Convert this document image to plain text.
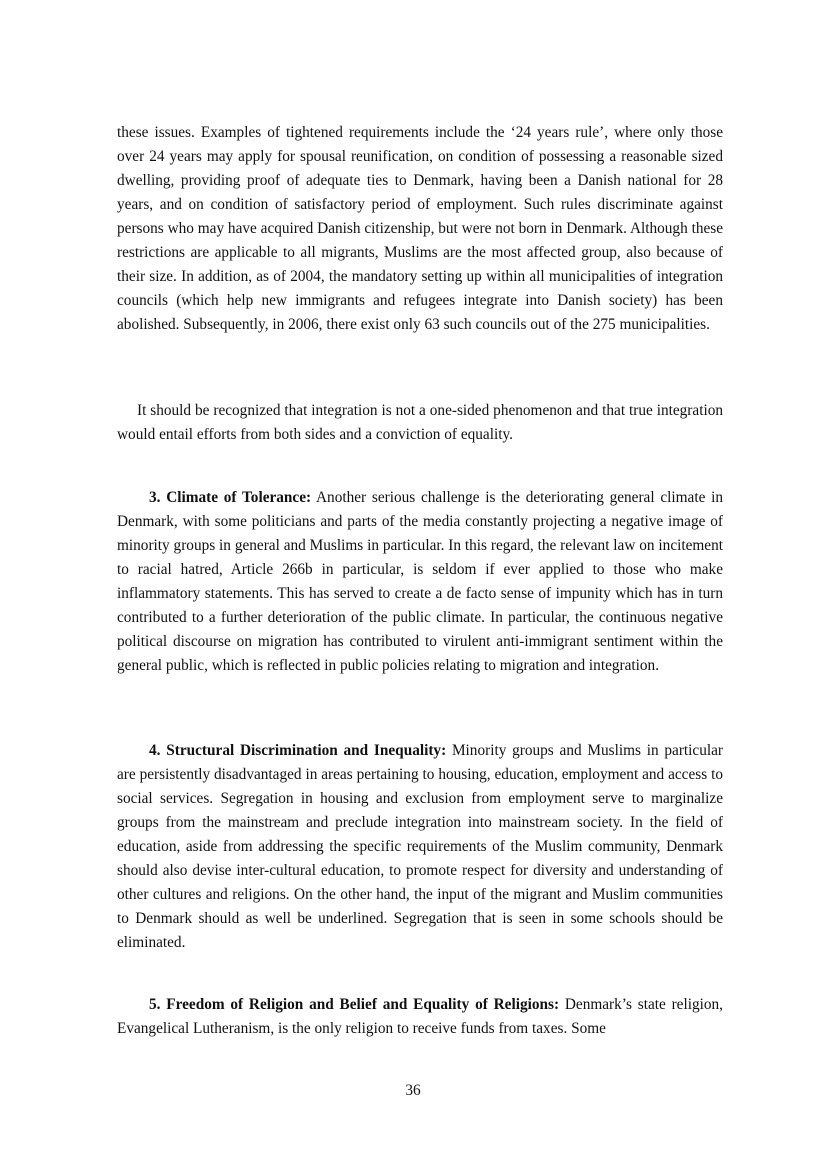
these issues. Examples of tightened requirements include the ‘24 years rule’, where only those over 24 years may apply for spousal reunification, on condition of possessing a reasonable sized dwelling, providing proof of adequate ties to Denmark, having been a Danish national for 28 years, and on condition of satisfactory period of employment. Such rules discriminate against persons who may have acquired Danish citizenship, but were not born in Denmark. Although these restrictions are applicable to all migrants, Muslims are the most affected group, also because of their size. In addition, as of 2004, the mandatory setting up within all municipalities of integration councils (which help new immigrants and refugees integrate into Danish society) has been abolished. Subsequently, in 2006, there exist only 63 such councils out of the 275 municipalities.

It should be recognized that integration is not a one-sided phenomenon and that true integration would entail efforts from both sides and a conviction of equality.

3. Climate of Tolerance: Another serious challenge is the deteriorating general climate in Denmark, with some politicians and parts of the media constantly projecting a negative image of minority groups in general and Muslims in particular. In this regard, the relevant law on incitement to racial hatred, Article 266b in particular, is seldom if ever applied to those who make inflammatory statements. This has served to create a de facto sense of impunity which has in turn contributed to a further deterioration of the public climate. In particular, the continuous negative political discourse on migration has contributed to virulent anti-immigrant sentiment within the general public, which is reflected in public policies relating to migration and integration.

4. Structural Discrimination and Inequality: Minority groups and Muslims in particular are persistently disadvantaged in areas pertaining to housing, education, employment and access to social services. Segregation in housing and exclusion from employment serve to marginalize groups from the mainstream and preclude integration into mainstream society. In the field of education, aside from addressing the specific requirements of the Muslim community, Denmark should also devise inter-cultural education, to promote respect for diversity and understanding of other cultures and religions. On the other hand, the input of the migrant and Muslim communities to Denmark should as well be underlined. Segregation that is seen in some schools should be eliminated.

5. Freedom of Religion and Belief and Equality of Religions: Denmark’s state religion, Evangelical Lutheranism, is the only religion to receive funds from taxes. Some

36
